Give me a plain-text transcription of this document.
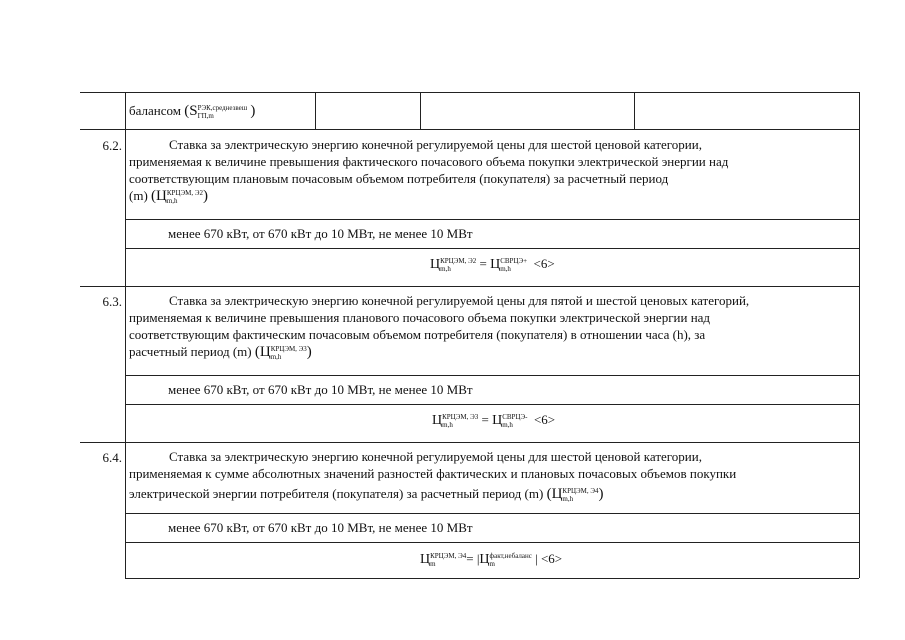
балансом (S РЭК,среднезвеш
ГП,m	)
6.2.	Ставка за электрическую энергию конечной регулируемой цены для шестой ценовой категории,
применяемая к величине превышения фактического почасового объема покупки электрической энергии над
соответствующим плановым почасовым объемом потребителя (покупателя) за расчетный период
(m) (Ц КРЦЭМ, Э2
m,h	)
менее 670 кВт, от 670 кВт до 10 МВт, не менее 10 МВт
Ц КРЦЭМ, Э2
m,h	= Ц СВРЦЭ+
m,h	<6>
6.3.	Ставка за электрическую энергию конечной регулируемой цены для пятой и шестой ценовых категорий,
применяемая к величине превышения планового почасового объема покупки электрической энергии над
соответствующим фактическим почасовым объемом потребителя (покупателя) в отношении часа (h), за
расчетный период (m) (Ц КРЦЭМ, Э3
m,h	)
менее 670 кВт, от 670 кВт до 10 МВт, не менее 10 МВт
Ц КРЦЭМ, Э3
m,h	= Ц СВРЦЭ-
m,h	<6>
6.4.	Ставка за электрическую энергию конечной регулируемой цены для шестой ценовой категории,
применяемая к сумме абсолютных значений разностей фактических и плановых почасовых объемов покупки
электрической энергии потребителя (покупателя) за расчетный период (m) (Ц КРЦЭМ, Э4
m,h	)
менее 670 кВт, от 670 кВт до 10 МВт, не менее 10 МВт
Ц КРЦЭМ, Э4
m	= |Ц факт,небаланс
m	| <6>
